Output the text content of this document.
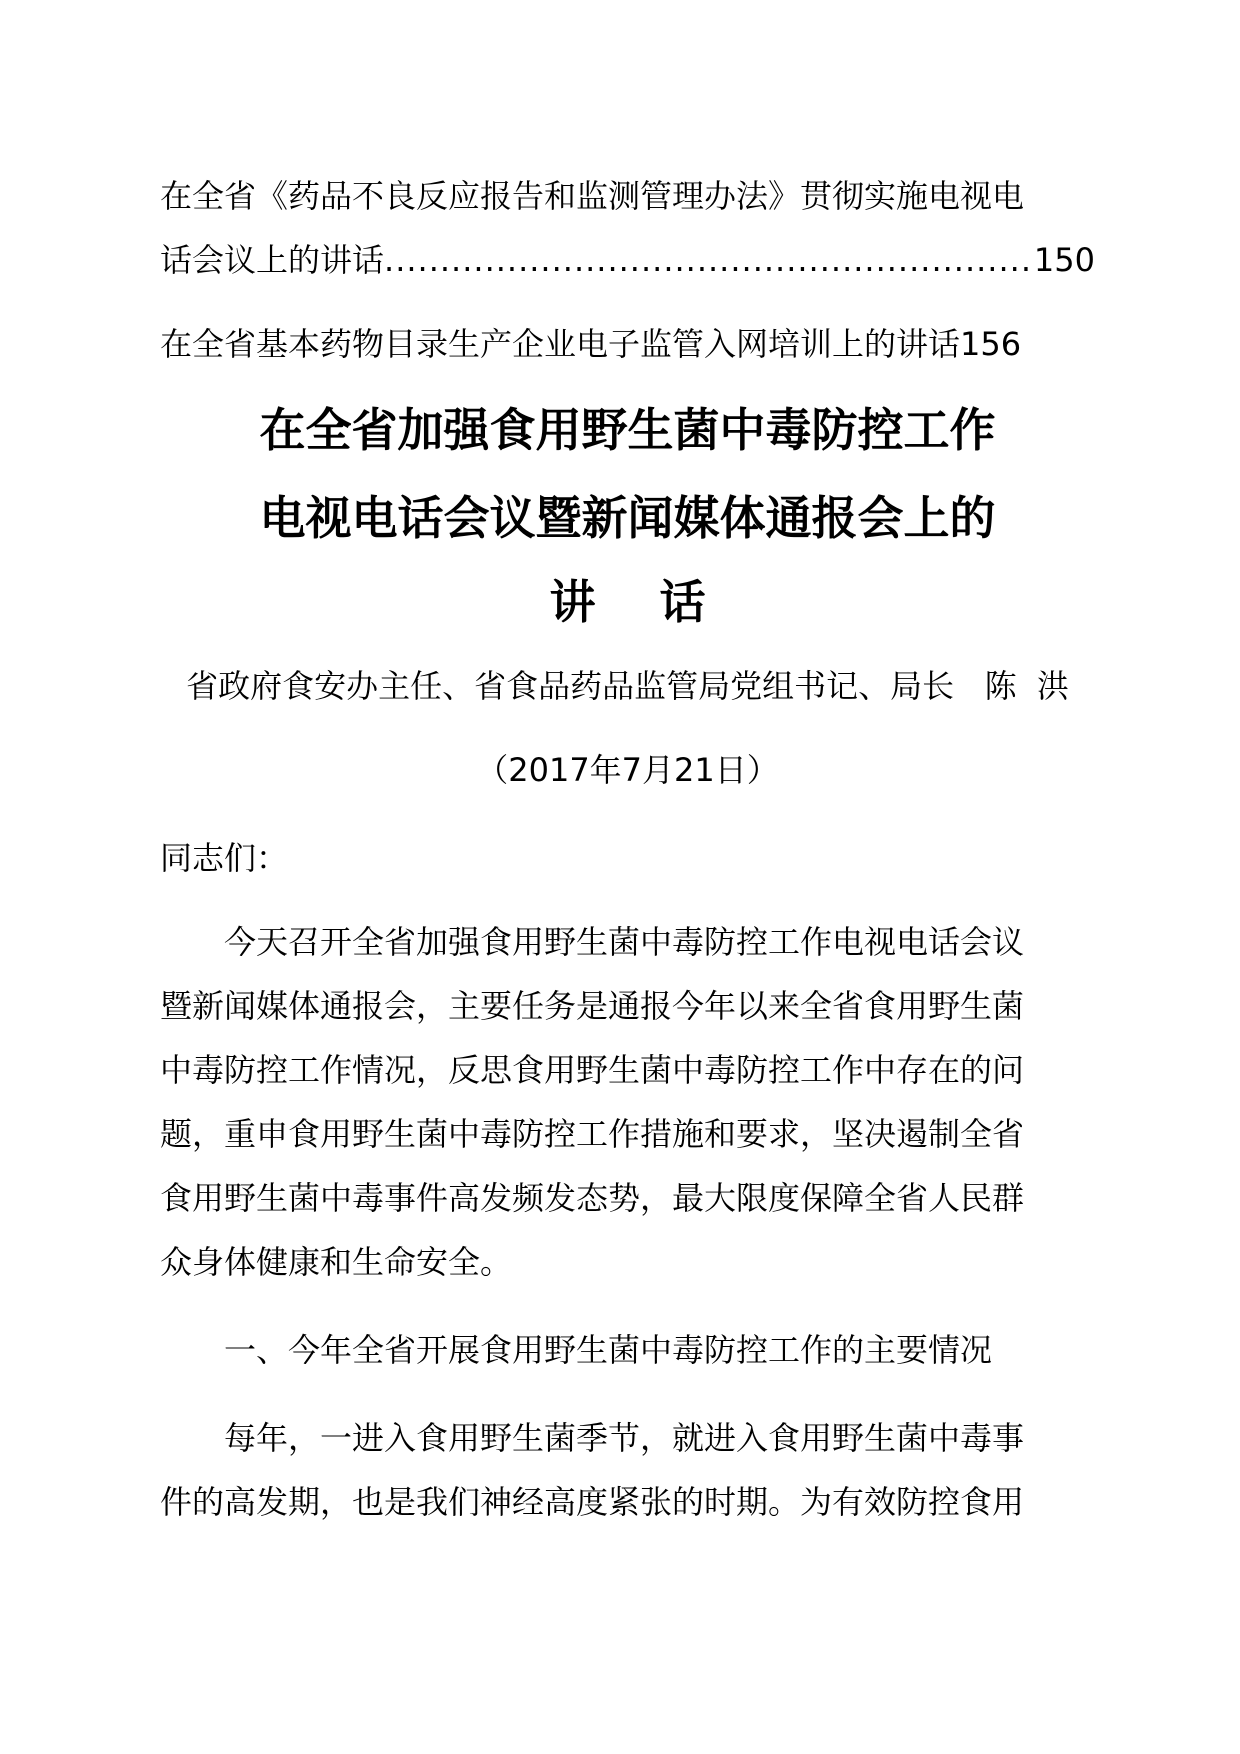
在全省《药品不良反应报告和监测管理办法》贯彻实施电视电
话会议上的讲话
.....	150
在全省基本药物目录生产企业电子监管入网培训上的讲话156
在全省加强食用野生菌中毒防控工作
电视电话会议暨新闻媒体通报会上的
讲 话
省政府食安办主任、省食品药品监管局党组书记、局长   陈  洪
（2017年7月21日）
同志们：
今天召开全省加强食用野生菌中毒防控工作电视电话会议
暨新闻媒体通报会，主要任务是通报今年以来全省食用野生菌
中毒防控工作情况，反思食用野生菌中毒防控工作中存在的问
题，重申食用野生菌中毒防控工作措施和要求，坚决遏制全省
食用野生菌中毒事件高发频发态势，最大限度保障全省人民群
众身体健康和生命安全。
一、今年全省开展食用野生菌中毒防控工作的主要情况
每年，一进入食用野生菌季节，就进入食用野生菌中毒事
件的高发期，也是我们神经高度紧张的时期。为有效防控食用
